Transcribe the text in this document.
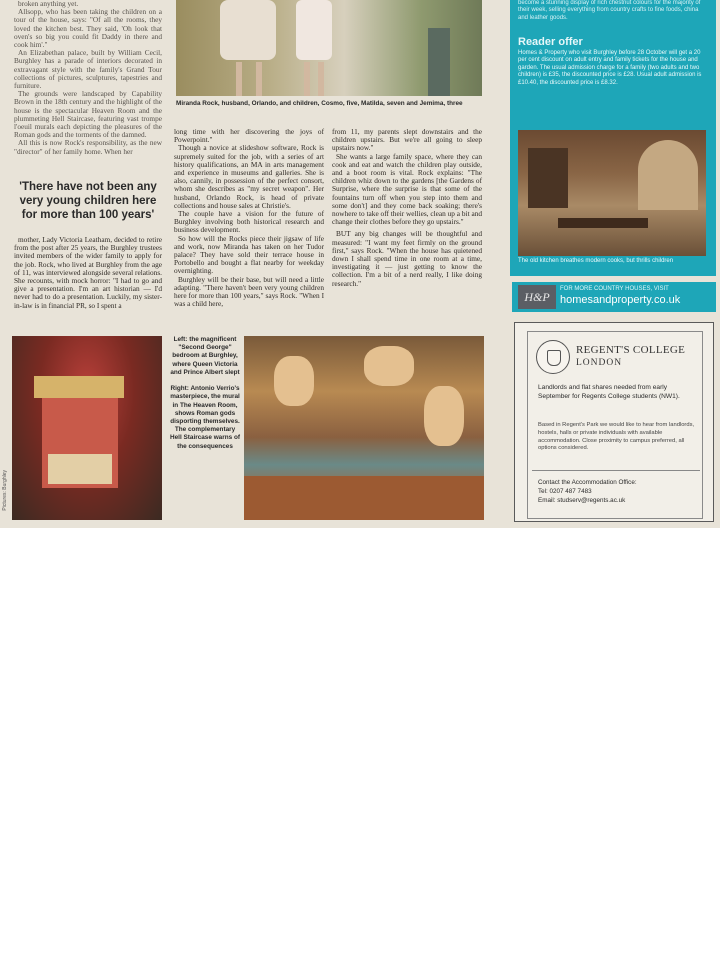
broken anything yet.

Allsopp, who has been taking the children on a tour of the house, says: "Of all the rooms, they loved the kitchen best. They said, 'Oh look that oven's so big you could fit Daddy in there and cook him'."

An Elizabethan palace, built by William Cecil, Burghley has a parade of interiors decorated in extravagant style with the family's Grand Tour collections of pictures, sculptures, tapestries and furniture.

The grounds were landscaped by Capability Brown in the 18th century and the highlight of the house is the spectacular Heaven Room and the plummeting Hell Staircase, featuring vast trompe l'oeuil murals each depicting the pleasures of the Roman gods and the torments of the damned.

All this is now Rock's responsibility, as the new "director" of her family home. When her

'There have not been any very young children here for more than 100 years'

mother, Lady Victoria Leatham, decided to retire from the post after 25 years, the Burghley trustees invited members of the wider family to apply for the job. Rock, who lived at Burghley from the age of 11, was interviewed alongside several relations. She recounts, with mock horror: "I had to go and give a presentation. I'm an art historian — I'd never had to do a presentation. Luckily, my sister-in-law is in financial PR, so I spent a

Miranda Rock, husband, Orlando, and children, Cosmo, five, Matilda, seven and Jemima, three

long time with her discovering the joys of Powerpoint."

Though a novice at slideshow software, Rock is supremely suited for the job, with a series of art history qualifications, an MA in arts management and experience in museums and galleries. She is also, cannily, in possession of the perfect consort, whom she describes as "my secret weapon". Her husband, Orlando Rock, is head of private collections and house sales at Christie's.

The couple have a vision for the future of Burghley involving both historical research and business development.

So how will the Rocks piece their jigsaw of life and work, now Miranda has taken on her Tudor palace? They have sold their terrace house in Portobello and bought a flat nearby for weekday overnighting.

Burghley will be their base, but will need a little adapting. "There haven't been very young children here for more than 100 years," says Rock. "When I was a child here,

from 11, my parents slept downstairs and the children upstairs. But we're all going to sleep upstairs now."

She wants a large family space, where they can cook and eat and watch the children play outside, and a boot room is vital. Rock explains: "The children whiz down to the gardens [the Gardens of Surprise, where the surprise is that some of the fountains turn off when you step into them and some don't] and they come back soaking; there's nowhere to take off their wellies, clean up a bit and change their clothes before they go upstairs."

BUT any big changes will be thoughtful and measured: "I want my feet firmly on the ground first," says Rock. "When the house has quietened down I shall spend time in one room at a time, investigating it — just getting to know the collection. I'm a bit of a nerd really, I like doing research."

become a stunning display of rich chestnut colours for the majority of their week, selling everything from country crafts to fine foods, china and leather goods.
Reader offer
Homes & Property who visit Burghley before 28 October will get a 20 per cent discount on adult entry and family tickets for the house and garden. The usual admission charge for a family (two adults and two children) is £35, the discounted price is £28. Usual adult admission is £10.40, the discounted price is £8.32.
The old kitchen breathes modern cooks, but thrills children
H&P
FOR MORE COUNTRY HOUSES, VISIT
homesandproperty.co.uk
REGENT'S COLLEGE
LONDON
Landlords and flat shares needed from early September for Regents College students (NW1).
Based in Regent's Park we would like to hear from landlords, hostels, halls or private individuals with available accommodation. Close proximity to campus preferred, all options considered.
Contact the Accommodation Office:
Tel: 0207 487 7483
Email: studserv@regents.ac.uk
Pictures: Burghley
Left: the magnificent "Second George" bedroom at Burghley, where Queen Victoria and Prince Albert slept

Right: Antonio Verrio's masterpiece, the mural in The Heaven Room, shows Roman gods disporting themselves. The complementary Hell Staircase warns of the consequences
